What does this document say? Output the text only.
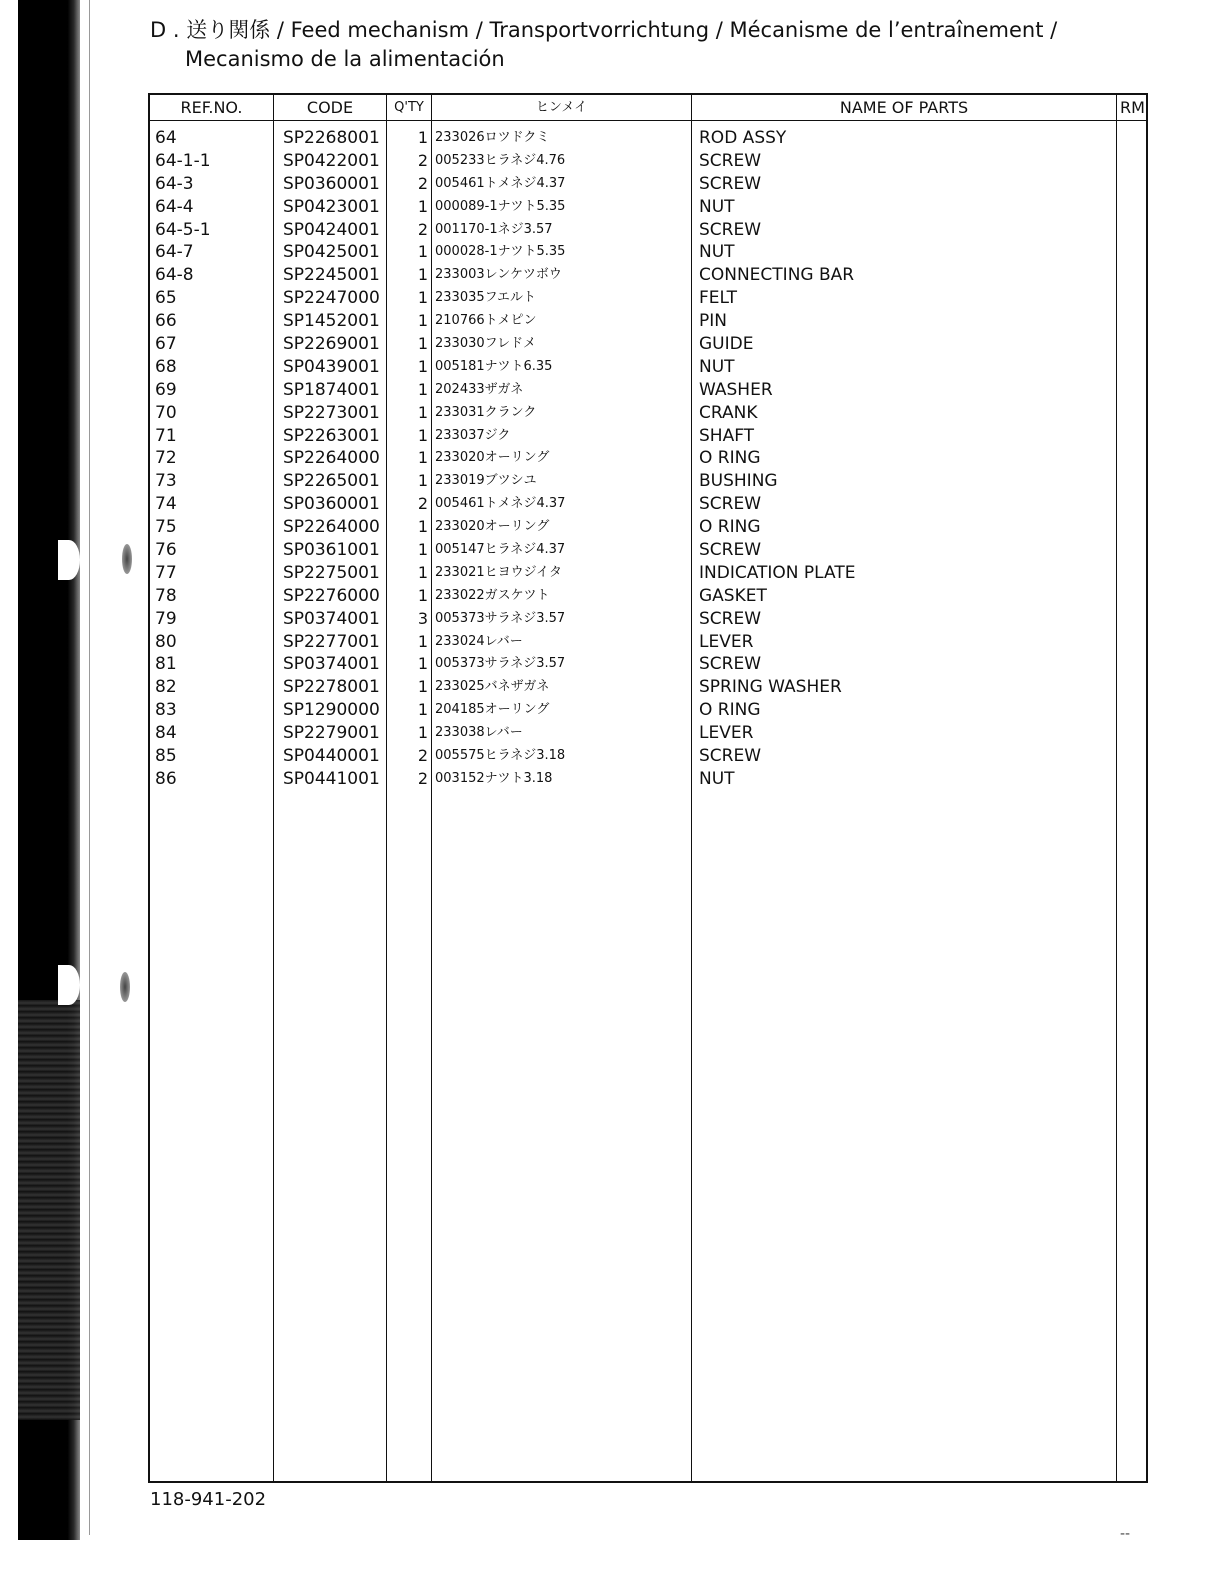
D . 送り関係 / Feed mechanism / Transportvorrichtung / Mécanisme de l’entraînement /
Mecanismo de la alimentación
REF.NO.	CODE	Q'TY	ヒンメイ	NAME OF PARTS	RM
64	SP2268001	1 233026ロツドクミ	ROD ASSY
64-1-1	SP0422001	2 005233ヒラネジ4.76	SCREW
64-3	SP0360001	2 005461トメネジ4.37	SCREW
64-4	SP0423001	1 000089-1ナツト5.35	NUT
64-5-1	SP0424001	2 001170-1ネジ3.57	SCREW
64-7	SP0425001	1 000028-1ナツト5.35	NUT
64-8	SP2245001	1 233003レンケツボウ	CONNECTING BAR
65	SP2247000	1 233035フエルト	FELT
66	SP1452001	1 210766トメピン	PIN
67	SP2269001	1 233030フレドメ	GUIDE
68	SP0439001	1 005181ナツト6.35	NUT
69	SP1874001	1 202433ザガネ	WASHER
70	SP2273001	1 233031クランク	CRANK
71	SP2263001	1 233037ジク	SHAFT
72	SP2264000	1 233020オーリング	O RING
73	SP2265001	1 233019ブツシユ	BUSHING
74	SP0360001	2 005461トメネジ4.37	SCREW
75	SP2264000	1 233020オーリング	O RING
76	SP0361001	1 005147ヒラネジ4.37	SCREW
77	SP2275001	1 233021ヒヨウジイタ	INDICATION PLATE
78	SP2276000	1 233022ガスケツト	GASKET
79	SP0374001	3 005373サラネジ3.57	SCREW
80	SP2277001	1 233024レバー	LEVER
81	SP0374001	1 005373サラネジ3.57	SCREW
82	SP2278001	1 233025バネザガネ	SPRING WASHER
83	SP1290000	1 204185オーリング	O RING
84	SP2279001	1 233038レバー	LEVER
85	SP0440001	2 005575ヒラネジ3.18	SCREW
86	SP0441001	2 003152ナツト3.18	NUT
118-941-202
--
